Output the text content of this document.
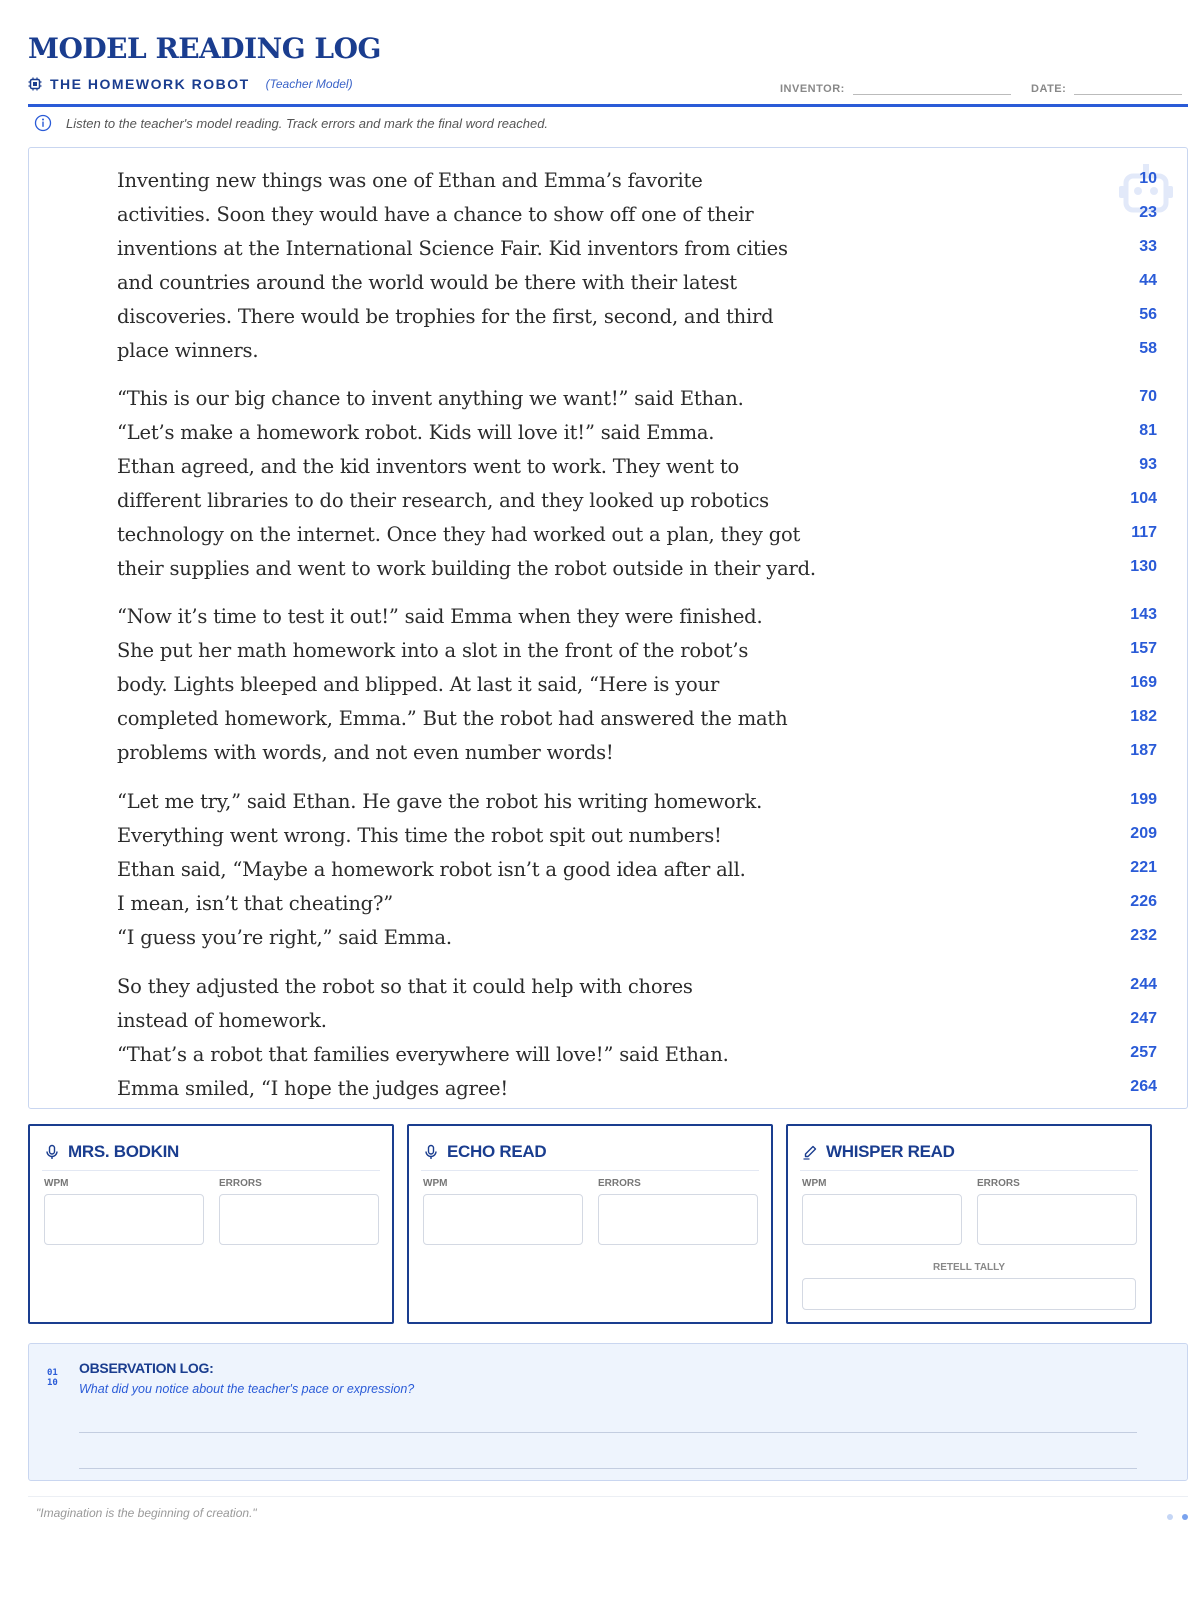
MODEL READING LOG
THE HOMEWORK ROBOT (Teacher Model)	INVENTOR:	DATE:
Listen to the teacher's model reading. Track errors and mark the final word reached.
Inventing new things was one of Ethan and Emma’s favorite	10
activities. Soon they would have a chance to show off one of their	23
inventions at the International Science Fair. Kid inventors from cities	33
and countries around the world would be there with their latest	44
discoveries. There would be trophies for the first, second, and third	56
place winners.	58
“This is our big chance to invent anything we want!” said Ethan.	70
“Let’s make a homework robot. Kids will love it!” said Emma.	81
Ethan agreed, and the kid inventors went to work. They went to	93
different libraries to do their research, and they looked up robotics	104
technology on the internet. Once they had worked out a plan, they got	117
their supplies and went to work building the robot outside in their yard.	130
“Now it’s time to test it out!” said Emma when they were finished.	143
She put her math homework into a slot in the front of the robot’s	157
body. Lights bleeped and blipped. At last it said, “Here is your	169
completed homework, Emma.” But the robot had answered the math	182
problems with words, and not even number words!	187
“Let me try,” said Ethan. He gave the robot his writing homework.	199
Everything went wrong. This time the robot spit out numbers!	209
Ethan said, “Maybe a homework robot isn’t a good idea after all.	221
I mean, isn’t that cheating?”	226
“I guess you’re right,” said Emma.	232
So they adjusted the robot so that it could help with chores	244
instead of homework.	247
“That’s a robot that families everywhere will love!” said Ethan.	257
Emma smiled, “I hope the judges agree!	264
MRS. BODKIN
WPM	ERRORS
ECHO READ
WPM	ERRORS
WHISPER READ
WPM	ERRORS
RETELL TALLY
01
10
OBSERVATION LOG:
What did you notice about the teacher's pace or expression?
"Imagination is the beginning of creation."
